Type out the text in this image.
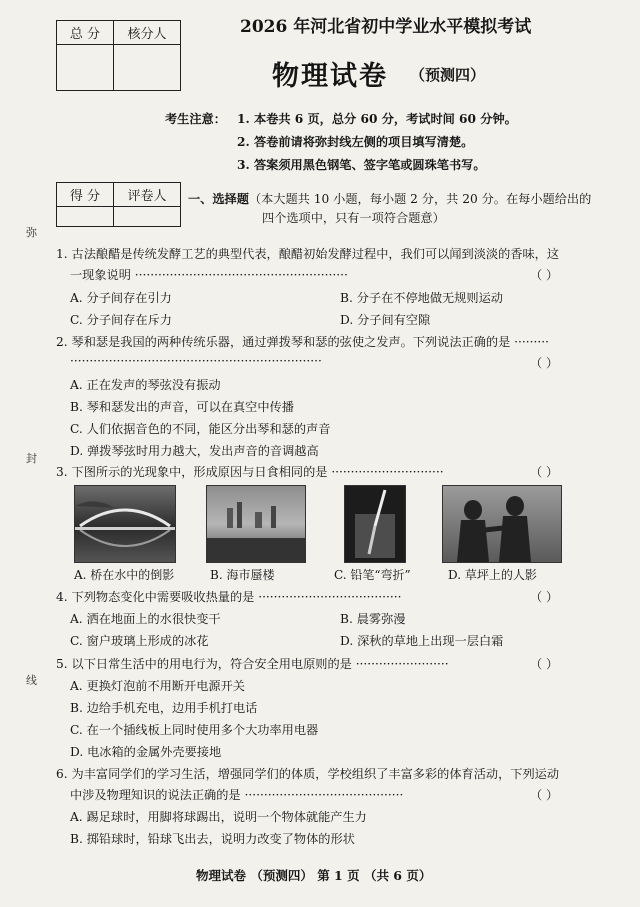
总 分	核分人
		2026 年河北省初中学业水平模拟考试
物理试卷 （预测四）
考生注意： 1. 本卷共 6 页，总分 60 分，考试时间 60 分钟。
2. 答卷前请将弥封线左侧的项目填写清楚。
3. 答案须用黑色钢笔、签字笔或圆珠笔书写。
得 分	评卷人
	一、选择题（本大题共 10 小题，每小题 2 分，共 20 分。在每小题给出的
四个选项中，只有一项符合题意）
弥
封
线
1. 古法酿醋是传统发酵工艺的典型代表，酿醋初始发酵过程中，我们可以闻到淡淡的香味，这
一现象说明 ·······················································	（ ）
A. 分子间存在引力	B. 分子在不停地做无规则运动
C. 分子间存在斥力	D. 分子间有空隙
2. 琴和瑟是我国的两种传统乐器，通过弹拨琴和瑟的弦使之发声。下列说法正确的是 ·········
·································································	（ ）
A. 正在发声的琴弦没有振动
B. 琴和瑟发出的声音，可以在真空中传播
C. 人们依据音色的不同，能区分出琴和瑟的声音
D. 弹拨琴弦时用力越大，发出声音的音调越高
3. 下图所示的光现象中，形成原因与日食相同的是 ·····························	（ ）
A. 桥在水中的倒影	B. 海市蜃楼	C. 铅笔“弯折”	D. 草坪上的人影
4. 下列物态变化中需要吸收热量的是 ·····································	（ ）
A. 洒在地面上的水很快变干	B. 晨雾弥漫
C. 窗户玻璃上形成的冰花	D. 深秋的草地上出现一层白霜
5. 以下日常生活中的用电行为，符合安全用电原则的是 ························	（ ）
A. 更换灯泡前不用断开电源开关
B. 边给手机充电，边用手机打电话
C. 在一个插线板上同时使用多个大功率用电器
D. 电冰箱的金属外壳要接地
6. 为丰富同学们的学习生活，增强同学们的体质，学校组织了丰富多彩的体育活动，下列运动
中涉及物理知识的说法正确的是 ·········································	（ ）
A. 踢足球时，用脚将球踢出，说明一个物体就能产生力
B. 掷铅球时，铅球飞出去，说明力改变了物体的形状
物理试卷 （预测四） 第 1 页 （共 6 页）
